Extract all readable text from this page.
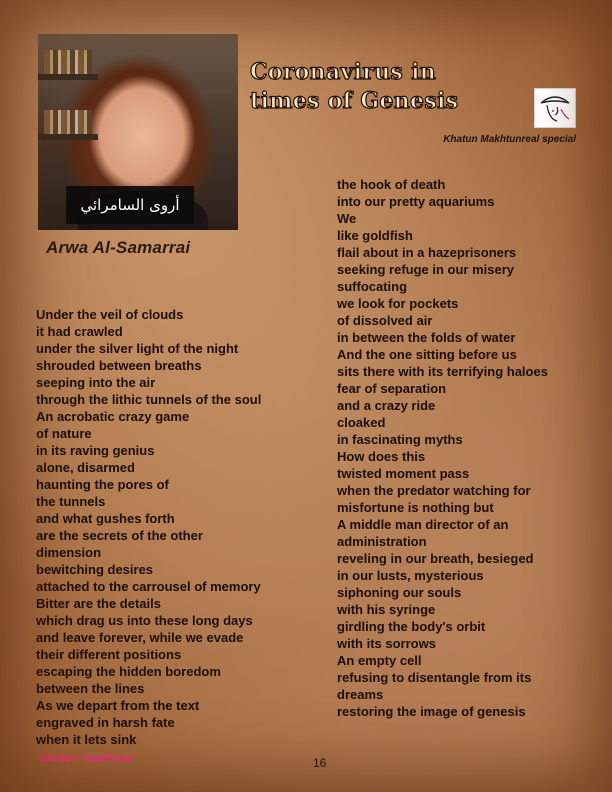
أروى السامرائي
Coronavirus in
times of Genesis
Khatun Makhtunreal special
Arwa Al-Samarrai
Under the veil of clouds
it had crawled
under the silver light of the night
shrouded between breaths
seeping into the air
through the lithic tunnels of the soul
An acrobatic crazy game
of nature
in its raving genius
alone, disarmed
haunting the pores of
the tunnels
and what gushes forth
are the secrets of the other
dimension
bewitching desires
attached to the carrousel of memory
Bitter are the details
which drag us into these long days
and leave forever, while we evade
their different positions
escaping the hidden boredom
between the lines
As we depart from the text
engraved in harsh fate
when it lets sink
the hook of death
into our pretty aquariums
We
like goldfish
flail about in a hazeprisoners
seeking refuge in our misery
suffocating
we look for pockets
of dissolved air
in between the folds of water
And the one sitting before us
sits there with its terrifying haloes
fear of separation
and a crazy ride
cloaked
in fascinating myths
How does this
twisted moment pass
when the predator watching for
misfortune is nothing but
A middle man director of an
administration
reveling in our breath, besieged
in our lusts, mysterious
siphoning our souls
with his syringe
girdling the body's orbit
with its sorrows
An empty cell
refusing to disentangle from its
dreams
restoring the image of genesis
khatun mantreal	16
